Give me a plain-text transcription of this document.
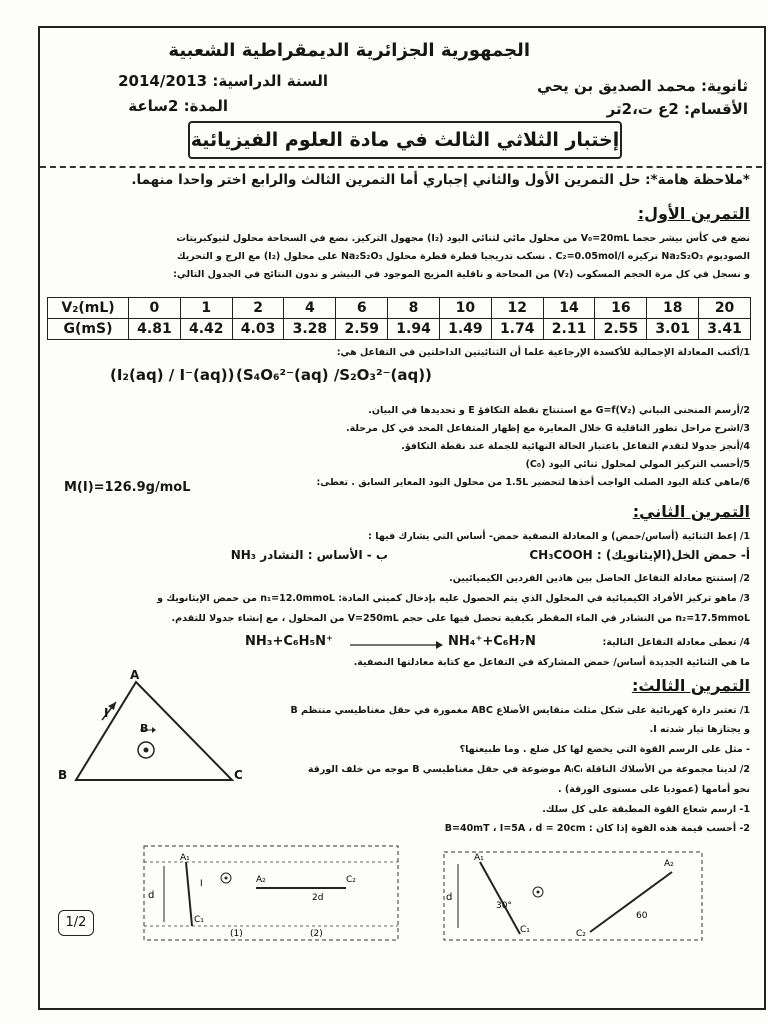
الجمهورية الجزائرية الديمقراطية الشعبية
ثانوية: محمد الصديق بن يحي
السنة الدراسية: 2014/2013
الأقسام: 2ع ت،2تر
المدة: 2ساعة
إختبار الثلاثي الثالث في مادة العلوم الفيزيائية
*ملاحظة هامة*: حل التمرين الأول والثاني إجباري أما التمرين الثالث والرابع اختر واحدا منهما.
التمرين الأول:
نضع في كأس بيشر حجما V₀=20mL من محلول مائي لثنائي اليود (I₂) مجهول التركيز. نضع في السحاحة محلول لثيوكبريتات
الصوديوم Na₂S₂O₃ تركيزه C₂=0.05mol/l . نسكب تدريجيا قطرة قطرة محلول Na₂S₂O₃ على محلول (I₂) مع الرج و التحريك
و نسجل في كل مرة الحجم المسكوب (V₂) من المحاحة و ناقلية المزيج الموجود في البيشر و ندون النتائج في الجدول التالي:
V₂(mL)	0	1	2	4	6	8	10	12	14	16	18	20
G(mS)	4.81	4.42	4.03	3.28	2.59	1.94	1.49	1.74	2.11	2.55	3.01	3.41
1/أكتب المعادلة الإجمالية للأكسدة الإرجاعية علما أن الثنائيتين الداخلتين في التفاعل هي:
(I₂(aq) / I⁻(aq)) (S₄O₆²⁻(aq) /S₂O₃²⁻(aq))
2/أرسم المنحنى البياني G=f(V₂) مع استنتاج نقطة التكافؤ E و تحديدها في البيان.
3/اشرح مراحل تطور الناقلية G خلال المعايرة مع إظهار المتفاعل المحد في كل مرحلة.
4/أنجز جدولا لتقدم التفاعل باعتبار الحالة النهائية للجملة عند نقطة التكافؤ.
5/أحسب التركيز المولي لمحلول ثنائي اليود (C₀)
6/ماهي كتلة اليود الصلب الواجب أخذها لتحضير 1.5L من محلول اليود المعاير السابق . تعطى:
M(I)=126.9g/moL
التمرين الثاني:
1/ إعط الثنائية (أساس/حمض) و المعادلة النصفية حمض- أساس التي يشارك فيها :
أ- حمض الخل(الإيثانويك) : CH₃COOH
ب - الأساس : النشادر NH₃
2/ إستنتج معادلة التفاعل الحاصل بين هاذين الفردين الكيميائيين.
3/ ماهو تركيز الأفراد الكيميائية في المحلول الذي يتم الحصول عليه بإدخال كميتي المادة: n₁=12.0mmoL من حمض الإيثانويك و
n₂=17.5mmoL من النشادر في الماء المقطر بكيفية تحصل فيها على حجم V=250mL من المحلول ، مع إنشاء جدولا للتقدم.
4/ تعطى معادلة التفاعل التالية:
NH₃+C₆H₅N⁺	NH₄⁺+C₆H₇N
ما هي الثنائية الجديدة أساس/ حمض المشاركة في التفاعل مع كتابة معادلتها النصفية.
التمرين الثالث:
1/ تعتبر دارة كهربائية على شكل مثلث متقايس الأضلاع ABC مغمورة في حقل مغناطيسي منتظم B
و يجتازها تيار شدته I.
- مثل على الرسم القوة التي يخضع لها كل ضلع . وما طبيعتها؟
2/ لدينا مجموعة من الأسلاك الناقلة AᵢCᵢ موضوعة في حقل مغناطيسي B موجه من خلف الورقة
نحو أمامها (عموديا على مستوى الورقة) .
1- ارسم شعاع القوة المطبقة على كل سلك.
2- أحسب قيمة هذه القوة إذا كان : B=40mT ، I=5A ، d = 20cm
A
B	C
I
B
d
A₁
C₁
I	A₂	C₂
2d
(1)	(2)
d
A₁
C₁
30°
A₂
C₂
60
1/2
